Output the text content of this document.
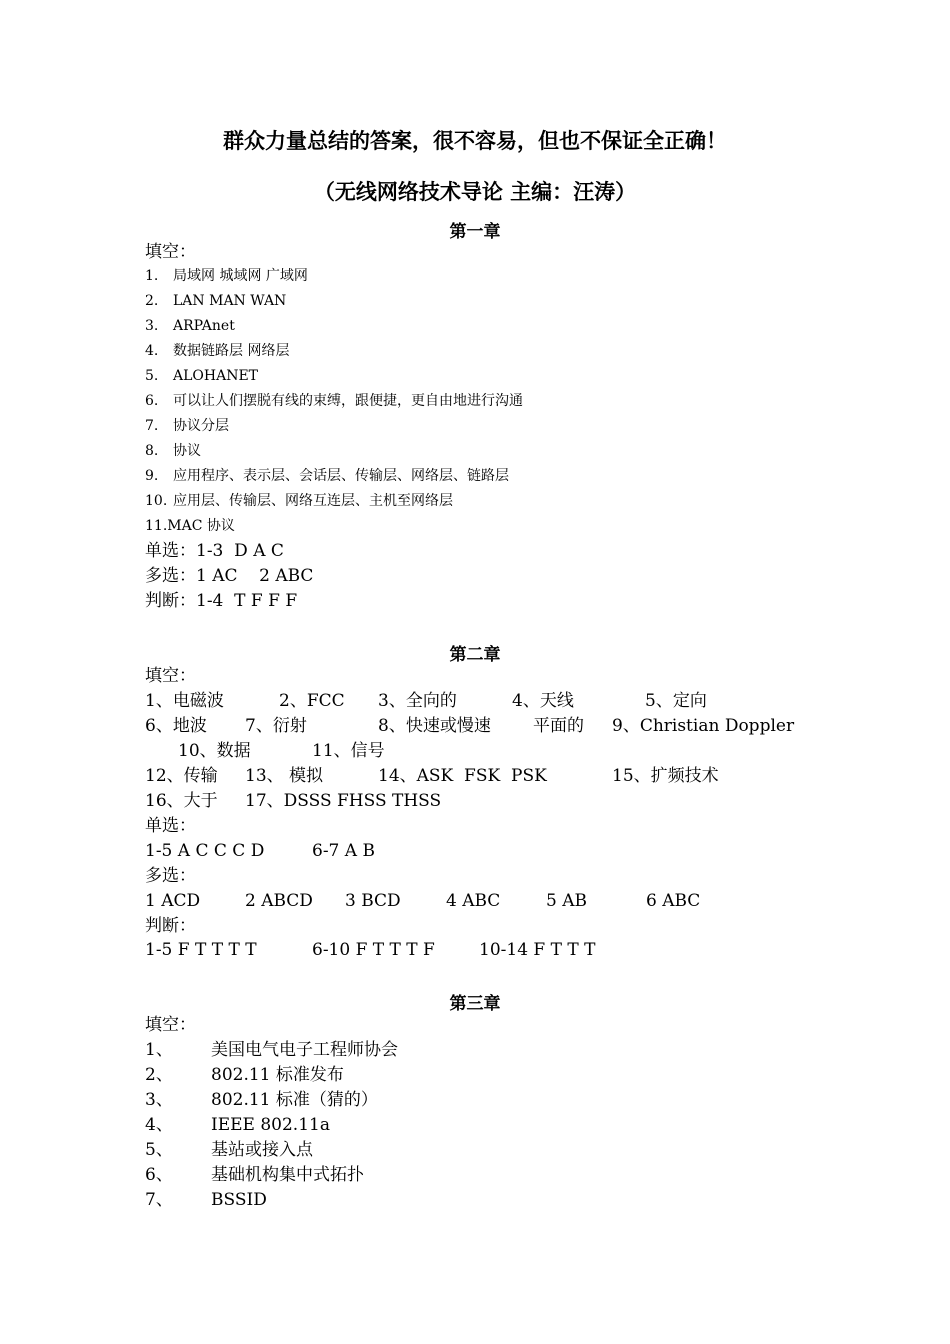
群众力量总结的答案，很不容易，但也不保证全正确！
（无线网络技术导论 主编：汪涛）
第一章
填空：
1. 局域网 城域网 广域网
2. LAN MAN WAN
3. ARPAnet
4. 数据链路层 网络层
5. ALOHANET
6. 可以让人们摆脱有线的束缚，跟便捷，更自由地进行沟通
7. 协议分层
8. 协议
9. 应用程序、表示层、会话层、传输层、网络层、链路层
10. 应用层、传输层、网络互连层、主机至网络层
11.MAC 协议
单选：1-3  D A C
多选：1 AC    2 ABC
判断：1-4  T F F F
第二章
填空：
1、电磁波	2、FCC 3、全向的	4、天线	5、定向
6、地波 7、衍射	8、快速或慢速 平面的 9、Christian Doppler
10、数据	11、信号
12、传输 13、 模拟	14、ASK  FSK  PSK	15、扩频技术
16、大于 17、DSSS FHSS THSS
单选：
1-5 A C C C D	6-7 A B
多选：
1 ACD	2 ABCD 3 BCD	4 ABC	5 AB	6 ABC
判断：
1-5 F T T T T	6-10 F T T T F	10-14 F T T T
第三章
填空：
1、 美国电气电子工程师协会
2、 802.11 标准发布
3、 802.11 标准（猜的）
4、 IEEE 802.11a
5、 基站或接入点
6、 基础机构集中式拓扑
7、 BSSID
